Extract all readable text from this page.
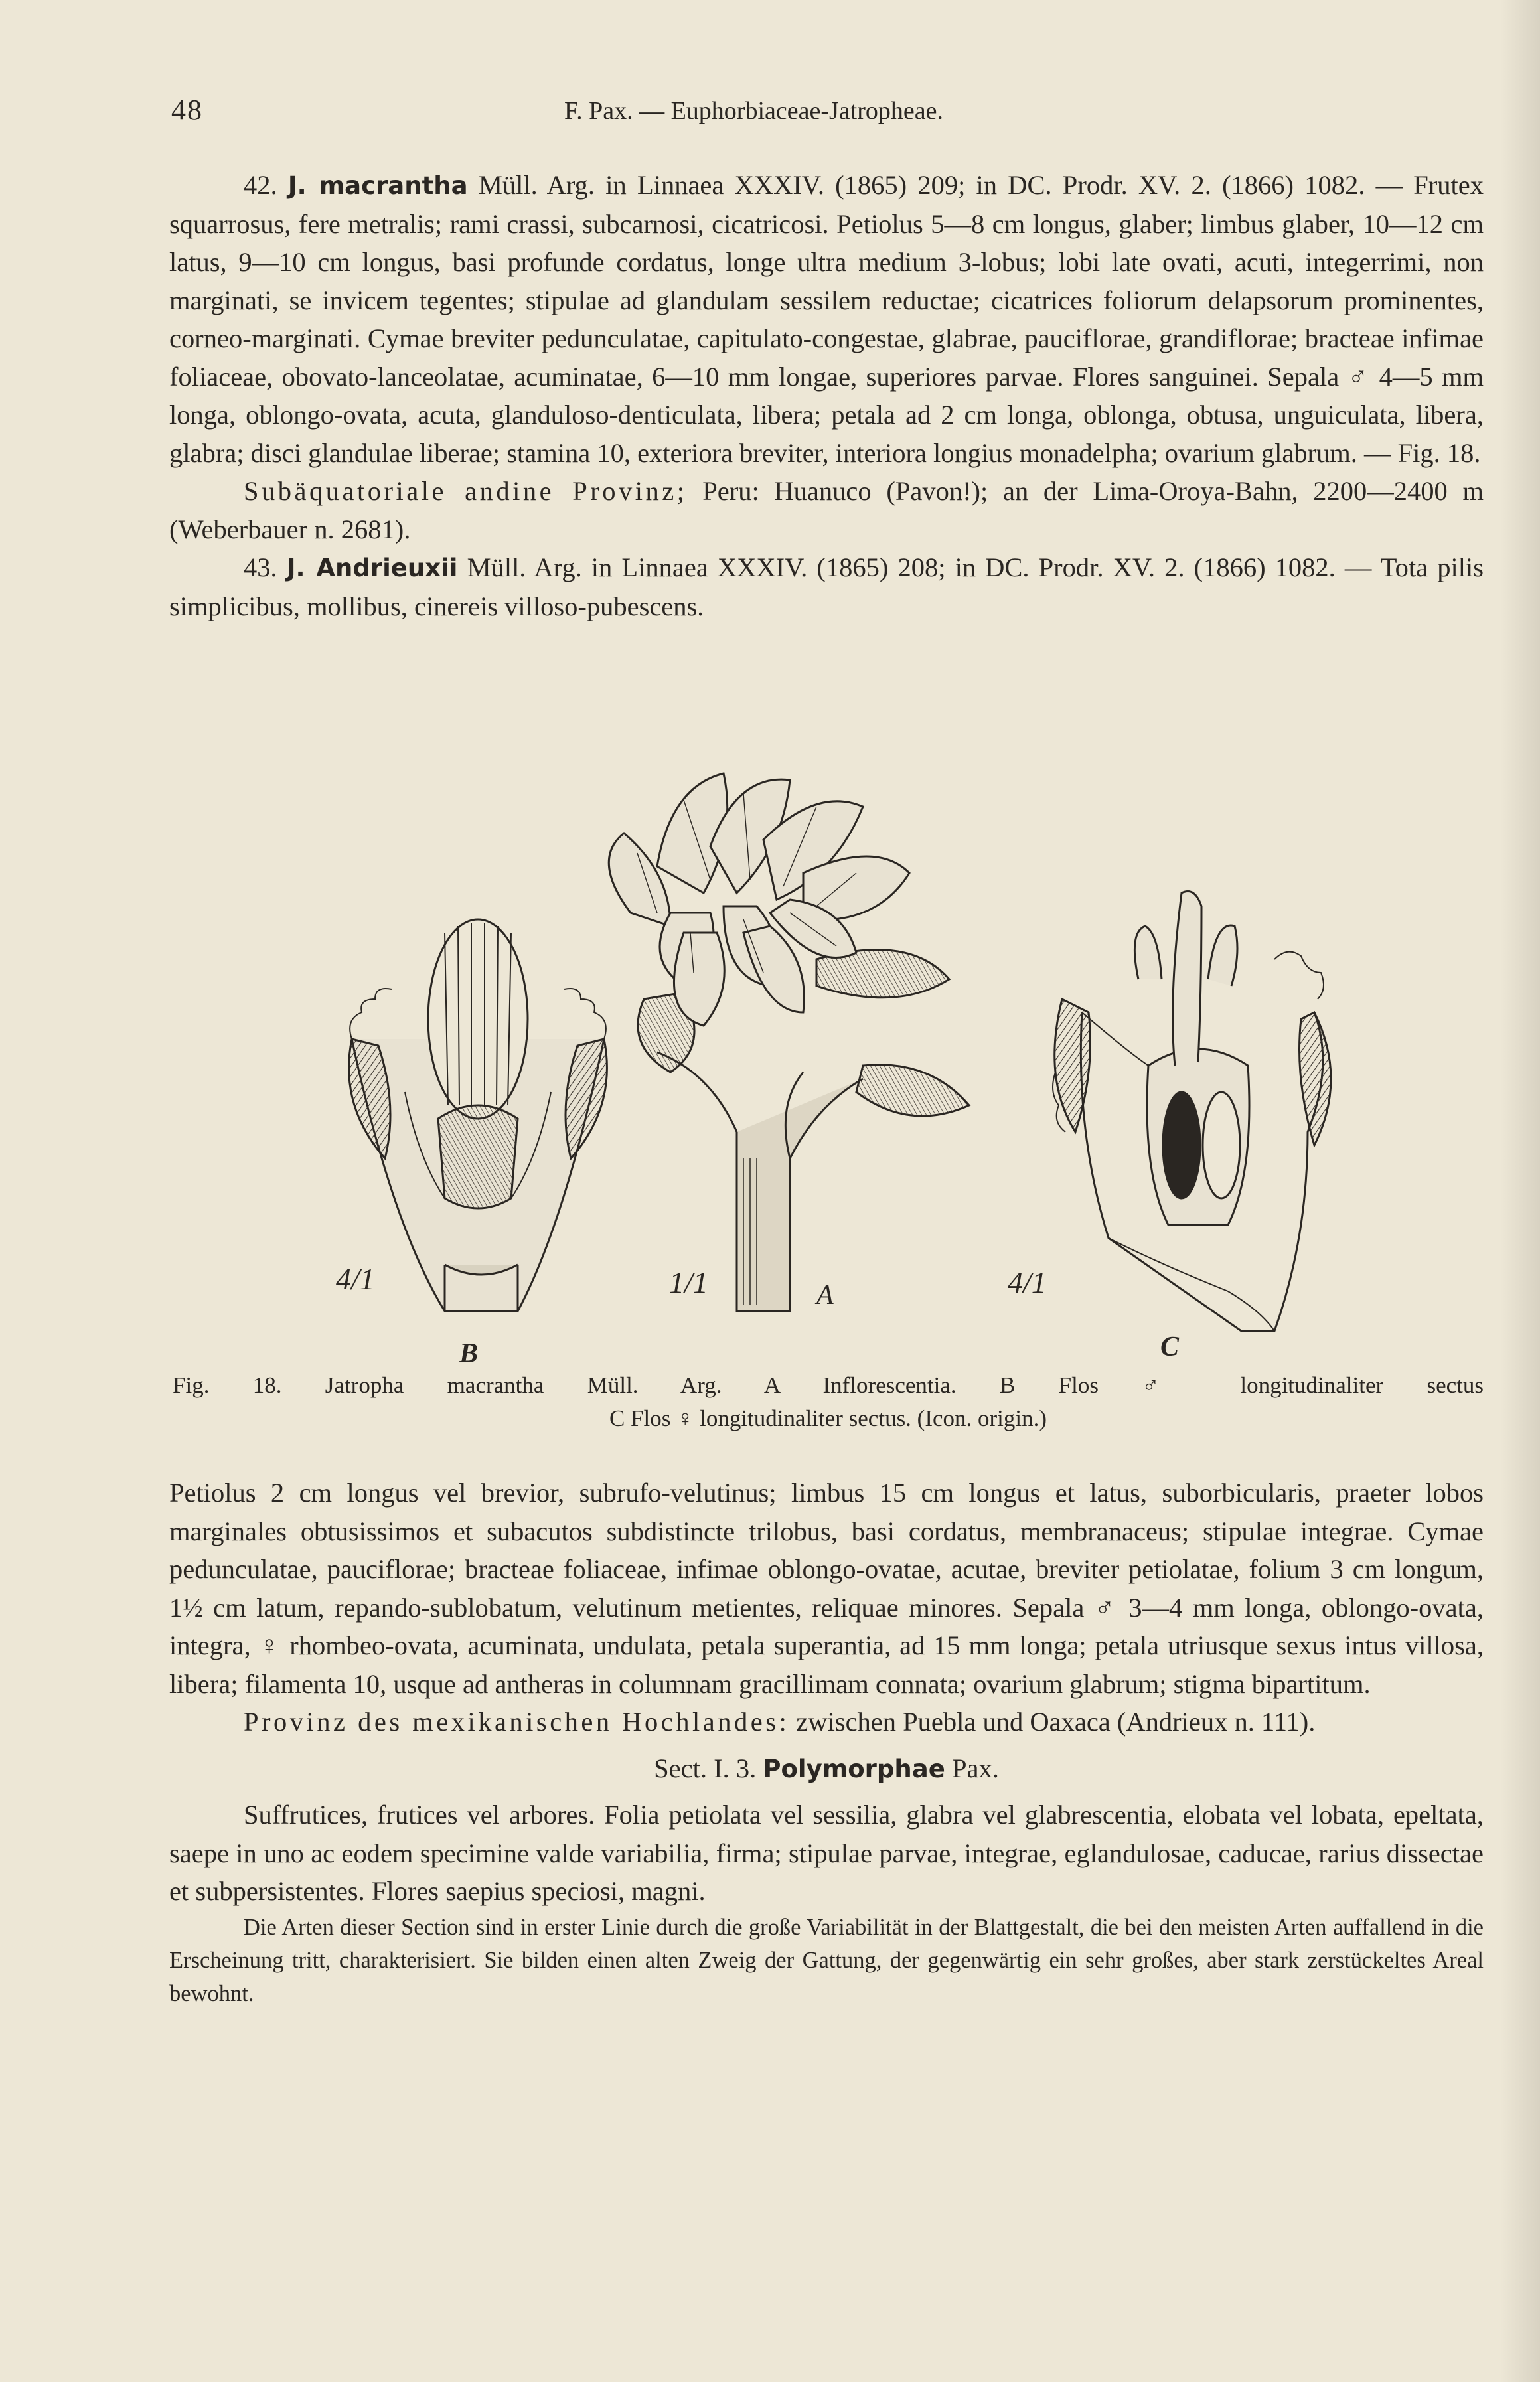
48	F. Pax. — Euphorbiaceae-Jatropheae.

42. J. macrantha Müll. Arg. in Linnaea XXXIV. (1865) 209; in DC. Prodr. XV. 2. (1866) 1082. — Frutex squarrosus, fere metralis; rami crassi, subcarnosi, cicatricosi. Petiolus 5—8 cm longus, glaber; limbus glaber, 10—12 cm latus, 9—10 cm longus, basi profunde cordatus, longe ultra medium 3-lobus; lobi late ovati, acuti, integerrimi, non marginati, se invicem tegentes; stipulae ad glandulam sessilem reductae; cicatrices foliorum delapsorum prominentes, corneo-marginati. Cymae breviter pedunculatae, capitulato-congestae, glabrae, pauciflorae, grandiflorae; bracteae infimae foliaceae, obovato-lanceolatae, acuminatae, 6—10 mm longae, superiores parvae. Flores sanguinei. Sepala ♂ 4—5 mm longa, oblongo-ovata, acuta, glanduloso-denticulata, libera; petala ad 2 cm longa, oblonga, obtusa, unguiculata, libera, glabra; disci glandulae liberae; stamina 10, exteriora breviter, interiora longius monadelpha; ovarium glabrum. — Fig. 18.

Subäquatoriale andine Provinz; Peru: Huanuco (Pavon!); an der Lima-Oroya-Bahn, 2200—2400 m (Weberbauer n. 2681).

43. J. Andrieuxii Müll. Arg. in Linnaea XXXIV. (1865) 208; in DC. Prodr. XV. 2. (1866) 1082. — Tota pilis simplicibus, mollibus, cinereis villoso-pubescens.

4/1	1/1	4/1
A
B	C

Fig. 18. Jatropha macrantha Müll. Arg. A Inflorescentia. B Flos ♂ longitudinaliter sectus

C Flos ♀ longitudinaliter sectus. (Icon. origin.)

Petiolus 2 cm longus vel brevior, subrufo-velutinus; limbus 15 cm longus et latus, suborbicularis, praeter lobos marginales obtusissimos et subacutos subdistincte trilobus, basi cordatus, membranaceus; stipulae integrae. Cymae pedunculatae, pauciflorae; bracteae foliaceae, infimae oblongo-ovatae, acutae, breviter petiolatae, folium 3 cm longum, 1½ cm latum, repando-sublobatum, velutinum metientes, reliquae minores. Sepala ♂ 3—4 mm longa, oblongo-ovata, integra, ♀ rhombeo-ovata, acuminata, undulata, petala superantia, ad 15 mm longa; petala utriusque sexus intus villosa, libera; filamenta 10, usque ad antheras in columnam gracillimam connata; ovarium glabrum; stigma bipartitum.

Provinz des mexikanischen Hochlandes: zwischen Puebla und Oaxaca (Andrieux n. 111).

Sect. I. 3. Polymorphae Pax.

Suffrutices, frutices vel arbores. Folia petiolata vel sessilia, glabra vel glabrescentia, elobata vel lobata, epeltata, saepe in uno ac eodem specimine valde variabilia, firma; stipulae parvae, integrae, eglandulosae, caducae, rarius dissectae et subpersistentes. Flores saepius speciosi, magni.

Die Arten dieser Section sind in erster Linie durch die große Variabilität in der Blattgestalt, die bei den meisten Arten auffallend in die Erscheinung tritt, charakterisiert. Sie bilden einen alten Zweig der Gattung, der gegenwärtig ein sehr großes, aber stark zerstückeltes Areal bewohnt.
